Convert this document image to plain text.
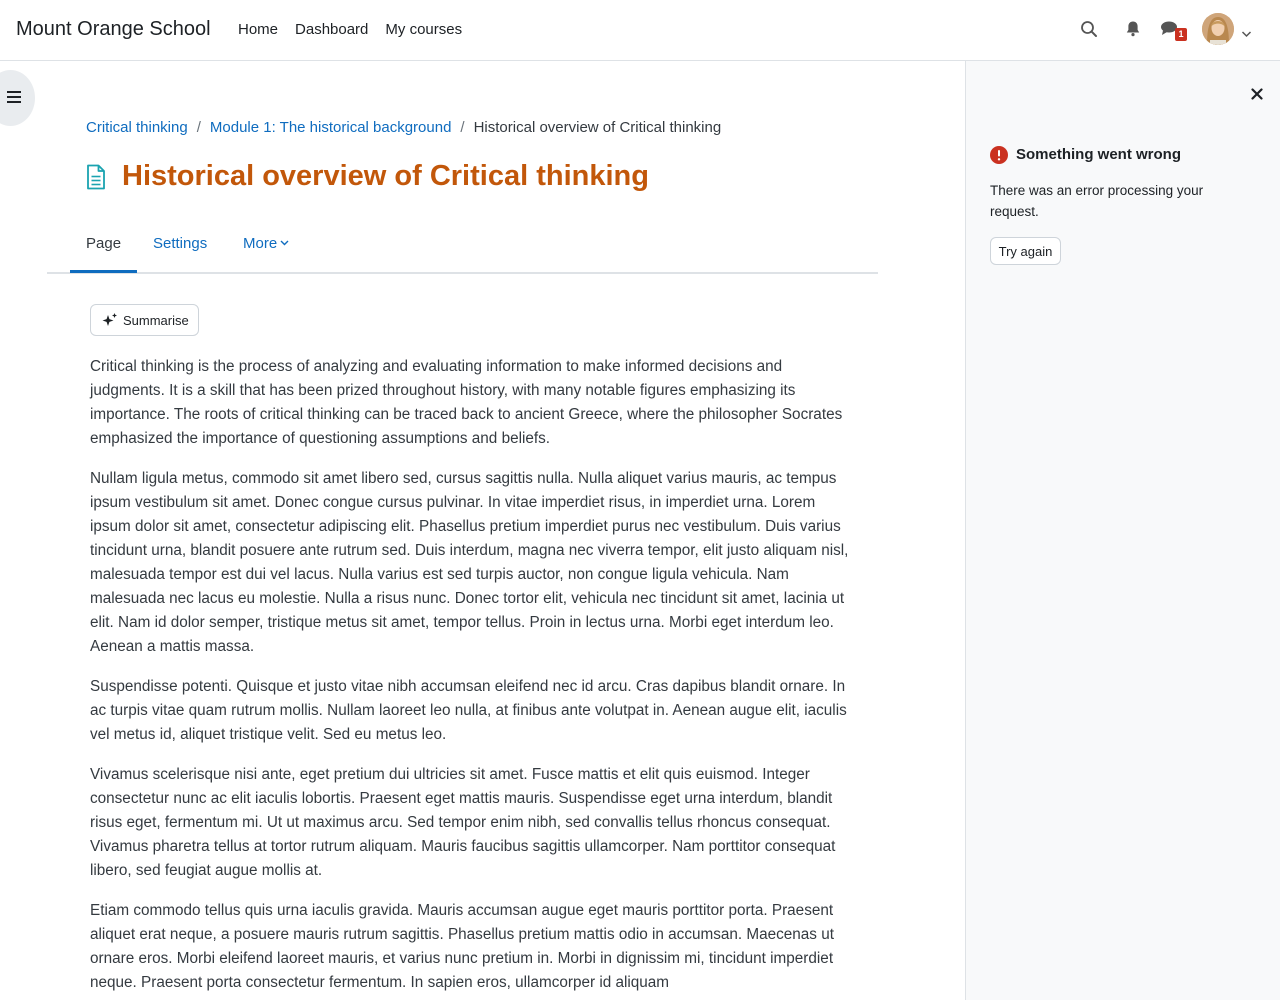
Mount Orange School Home Dashboard My courses	1
Critical thinking / Module 1: The historical background / Historical overview of Critical thinking
Historical overview of Critical thinking
Page Settings More
Summarise

Critical thinking is the process of analyzing and evaluating information to make informed decisions and judgments. It is a skill that has been prized throughout history, with many notable figures emphasizing its importance. The roots of critical thinking can be traced back to ancient Greece, where the philosopher Socrates emphasized the importance of questioning assumptions and beliefs.

Nullam ligula metus, commodo sit amet libero sed, cursus sagittis nulla. Nulla aliquet varius mauris, ac tempus ipsum vestibulum sit amet. Donec congue cursus pulvinar. In vitae imperdiet risus, in imperdiet urna. Lorem ipsum dolor sit amet, consectetur adipiscing elit. Phasellus pretium imperdiet purus nec vestibulum. Duis varius tincidunt urna, blandit posuere ante rutrum sed. Duis interdum, magna nec viverra tempor, elit justo aliquam nisl, malesuada tempor est dui vel lacus. Nulla varius est sed turpis auctor, non congue ligula vehicula. Nam malesuada nec lacus eu molestie. Nulla a risus nunc. Donec tortor elit, vehicula nec tincidunt sit amet, lacinia ut elit. Nam id dolor semper, tristique metus sit amet, tempor tellus. Proin in lectus urna. Morbi eget interdum leo. Aenean a mattis massa.

Suspendisse potenti. Quisque et justo vitae nibh accumsan eleifend nec id arcu. Cras dapibus blandit ornare. In ac turpis vitae quam rutrum mollis. Nullam laoreet leo nulla, at finibus ante volutpat in. Aenean augue elit, iaculis vel metus id, aliquet tristique velit. Sed eu metus leo.

Vivamus scelerisque nisi ante, eget pretium dui ultricies sit amet. Fusce mattis et elit quis euismod. Integer consectetur nunc ac elit iaculis lobortis. Praesent eget mattis mauris. Suspendisse eget urna interdum, blandit risus eget, fermentum mi. Ut ut maximus arcu. Sed tempor enim nibh, sed convallis tellus rhoncus consequat. Vivamus pharetra tellus at tortor rutrum aliquam. Mauris faucibus sagittis ullamcorper. Nam porttitor consequat libero, sed feugiat augue mollis at.

Etiam commodo tellus quis urna iaculis gravida. Mauris accumsan augue eget mauris porttitor porta. Praesent aliquet erat neque, a posuere mauris rutrum sagittis. Phasellus pretium mattis odio in accumsan. Maecenas ut ornare eros. Morbi eleifend laoreet mauris, et varius nunc pretium in. Morbi in dignissim mi, tincidunt imperdiet neque. Praesent porta consectetur fermentum. In sapien eros, ullamcorper id aliquam

Something went wrong

There was an error processing your request.

Try again
